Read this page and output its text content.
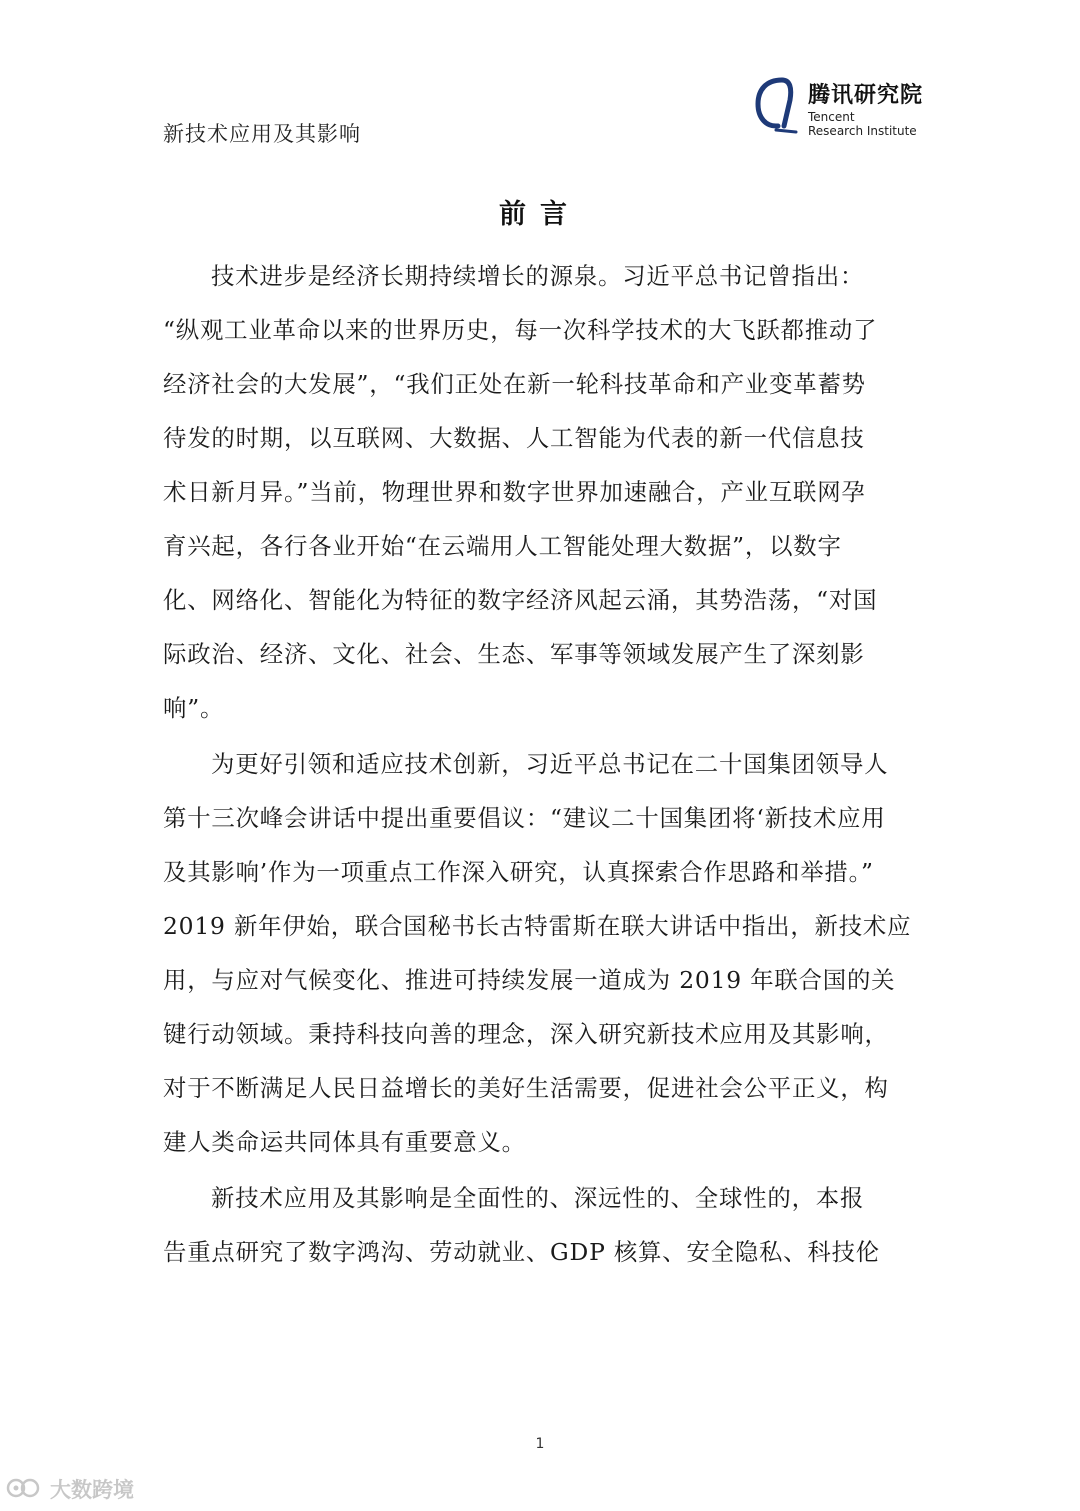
新技术应用及其影响
腾讯研究院
Tencent
Research Institute
前言
技术进步是经济长期持续增长的源泉。习近平总书记曾指出：
“纵观工业革命以来的世界历史，每一次科学技术的大飞跃都推动了
经济社会的大发展”，“我们正处在新一轮科技革命和产业变革蓄势
待发的时期，以互联网、大数据、人工智能为代表的新一代信息技
术日新月异。”当前，物理世界和数字世界加速融合，产业互联网孕
育兴起，各行各业开始“在云端用人工智能处理大数据”，以数字
化、网络化、智能化为特征的数字经济风起云涌，其势浩荡，“对国
际政治、经济、文化、社会、生态、军事等领域发展产生了深刻影
响”。
为更好引领和适应技术创新，习近平总书记在二十国集团领导人
第十三次峰会讲话中提出重要倡议：“建议二十国集团将‘新技术应用
及其影响’作为一项重点工作深入研究，认真探索合作思路和举措。”
2019 新年伊始，联合国秘书长古特雷斯在联大讲话中指出，新技术应
用，与应对气候变化、推进可持续发展一道成为 2019 年联合国的关
键行动领域。秉持科技向善的理念，深入研究新技术应用及其影响，
对于不断满足人民日益增长的美好生活需要，促进社会公平正义，构
建人类命运共同体具有重要意义。
新技术应用及其影响是全面性的、深远性的、全球性的，本报
告重点研究了数字鸿沟、劳动就业、GDP 核算、安全隐私、科技伦
1
大数跨境
